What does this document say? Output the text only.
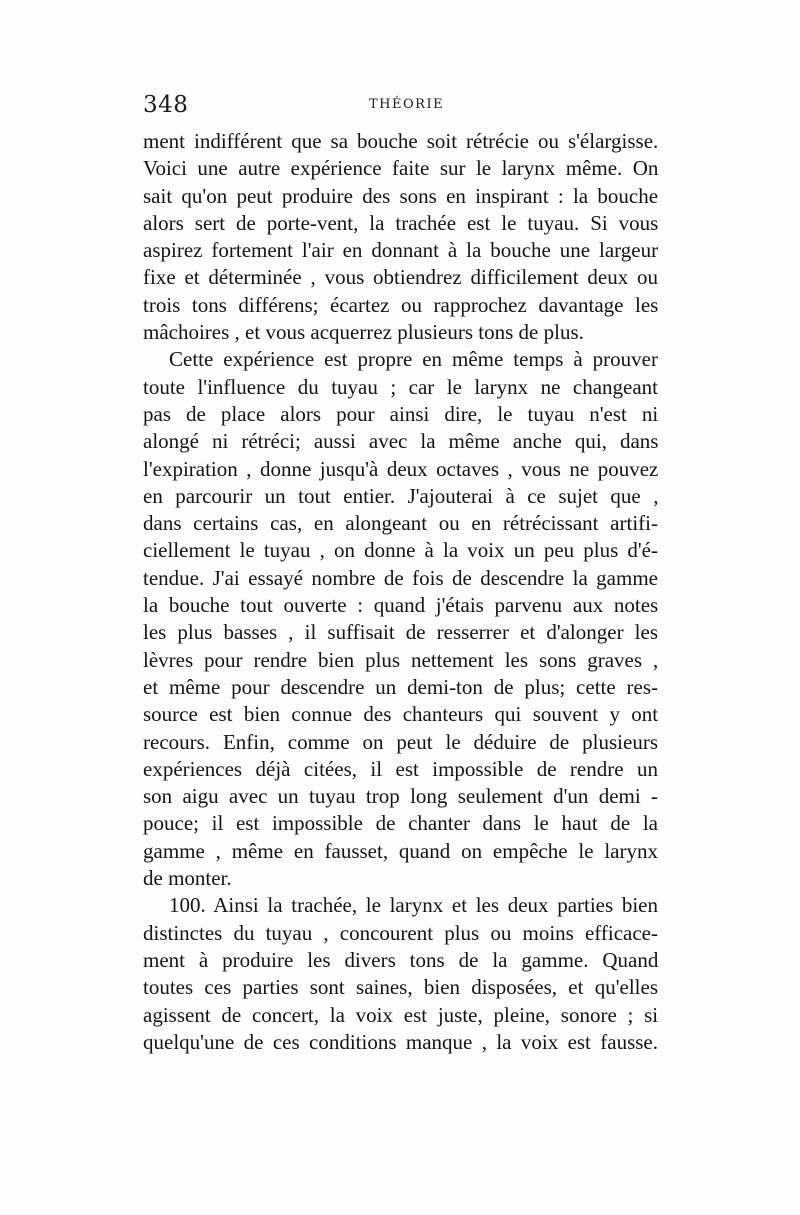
348	THÉORIE
ment indifférent que sa bouche soit rétrécie ou s'élargisse.
Voici une autre expérience faite sur le larynx même. On
sait qu'on peut produire des sons en inspirant : la bouche
alors sert de porte-vent, la trachée est le tuyau. Si vous
aspirez fortement l'air en donnant à la bouche une largeur
fixe et déterminée , vous obtiendrez difficilement deux ou
trois tons différens; écartez ou rapprochez davantage les
mâchoires , et vous acquerrez plusieurs tons de plus.
Cette expérience est propre en même temps à prouver
toute l'influence du tuyau ; car le larynx ne changeant
pas de place alors pour ainsi dire, le tuyau n'est ni
alongé ni rétréci; aussi avec la même anche qui, dans
l'expiration , donne jusqu'à deux octaves , vous ne pouvez
en parcourir un tout entier. J'ajouterai à ce sujet que ,
dans certains cas, en alongeant ou en rétrécissant artifi-
ciellement le tuyau , on donne à la voix un peu plus d'é-
tendue. J'ai essayé nombre de fois de descendre la gamme
la bouche tout ouverte : quand j'étais parvenu aux notes
les plus basses , il suffisait de resserrer et d'alonger les
lèvres pour rendre bien plus nettement les sons graves ,
et même pour descendre un demi-ton de plus; cette res-
source est bien connue des chanteurs qui souvent y ont
recours. Enfin, comme on peut le déduire de plusieurs
expériences déjà citées, il est impossible de rendre un
son aigu avec un tuyau trop long seulement d'un demi -
pouce; il est impossible de chanter dans le haut de la
gamme , même en fausset, quand on empêche le larynx
de monter.
100. Ainsi la trachée, le larynx et les deux parties bien
distinctes du tuyau , concourent plus ou moins efficace-
ment à produire les divers tons de la gamme. Quand
toutes ces parties sont saines, bien disposées, et qu'elles
agissent de concert, la voix est juste, pleine, sonore ; si
quelqu'une de ces conditions manque , la voix est fausse.
